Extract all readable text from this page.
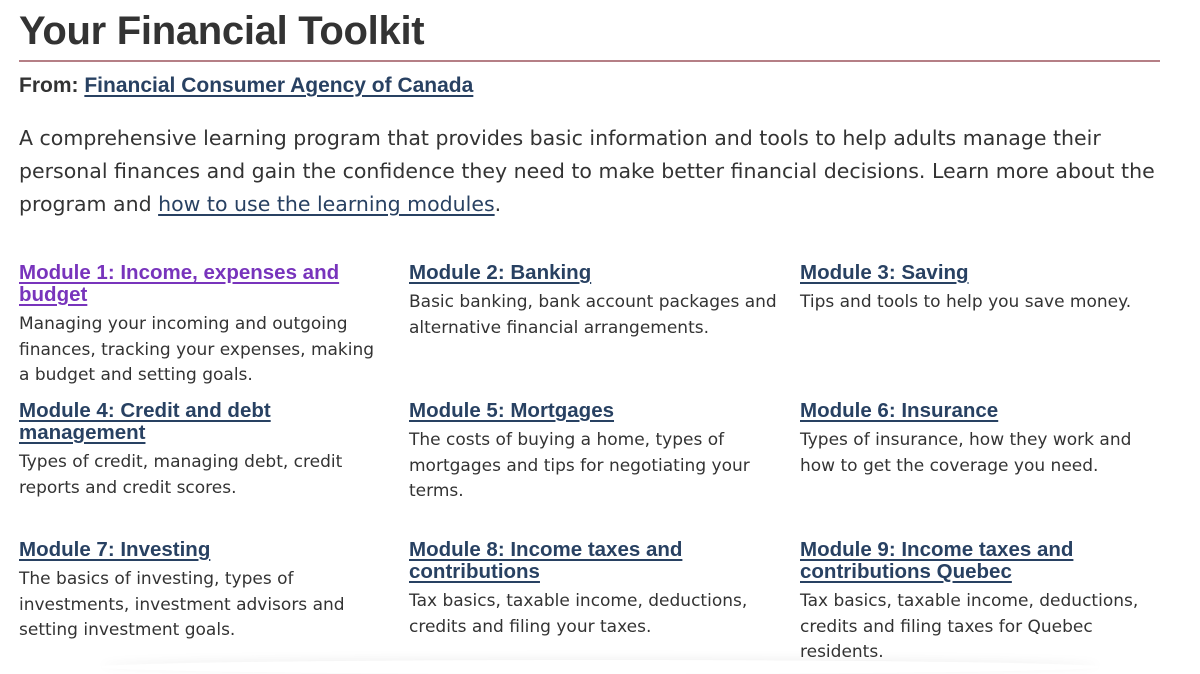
Your Financial Toolkit
From: Financial Consumer Agency of Canada

A comprehensive learning program that provides basic information and tools to help adults manage their personal finances and gain the confidence they need to make better financial decisions. Learn more about the program and how to use the learning modules.

Module 1: Income, expenses and budget
Managing your incoming and outgoing finances, tracking your expenses, making a budget and setting goals.
Module 2: Banking
Basic banking, bank account packages and alternative financial arrangements.
Module 3: Saving
Tips and tools to help you save money.
Module 4: Credit and debt management
Types of credit, managing debt, credit reports and credit scores.
Module 5: Mortgages
The costs of buying a home, types of mortgages and tips for negotiating your terms.
Module 6: Insurance
Types of insurance, how they work and how to get the coverage you need.
Module 7: Investing
The basics of investing, types of investments, investment advisors and setting investment goals.
Module 8: Income taxes and contributions
Tax basics, taxable income, deductions, credits and filing your taxes.
Module 9: Income taxes and contributions Quebec
Tax basics, taxable income, deductions, credits and filing taxes for Quebec residents.
